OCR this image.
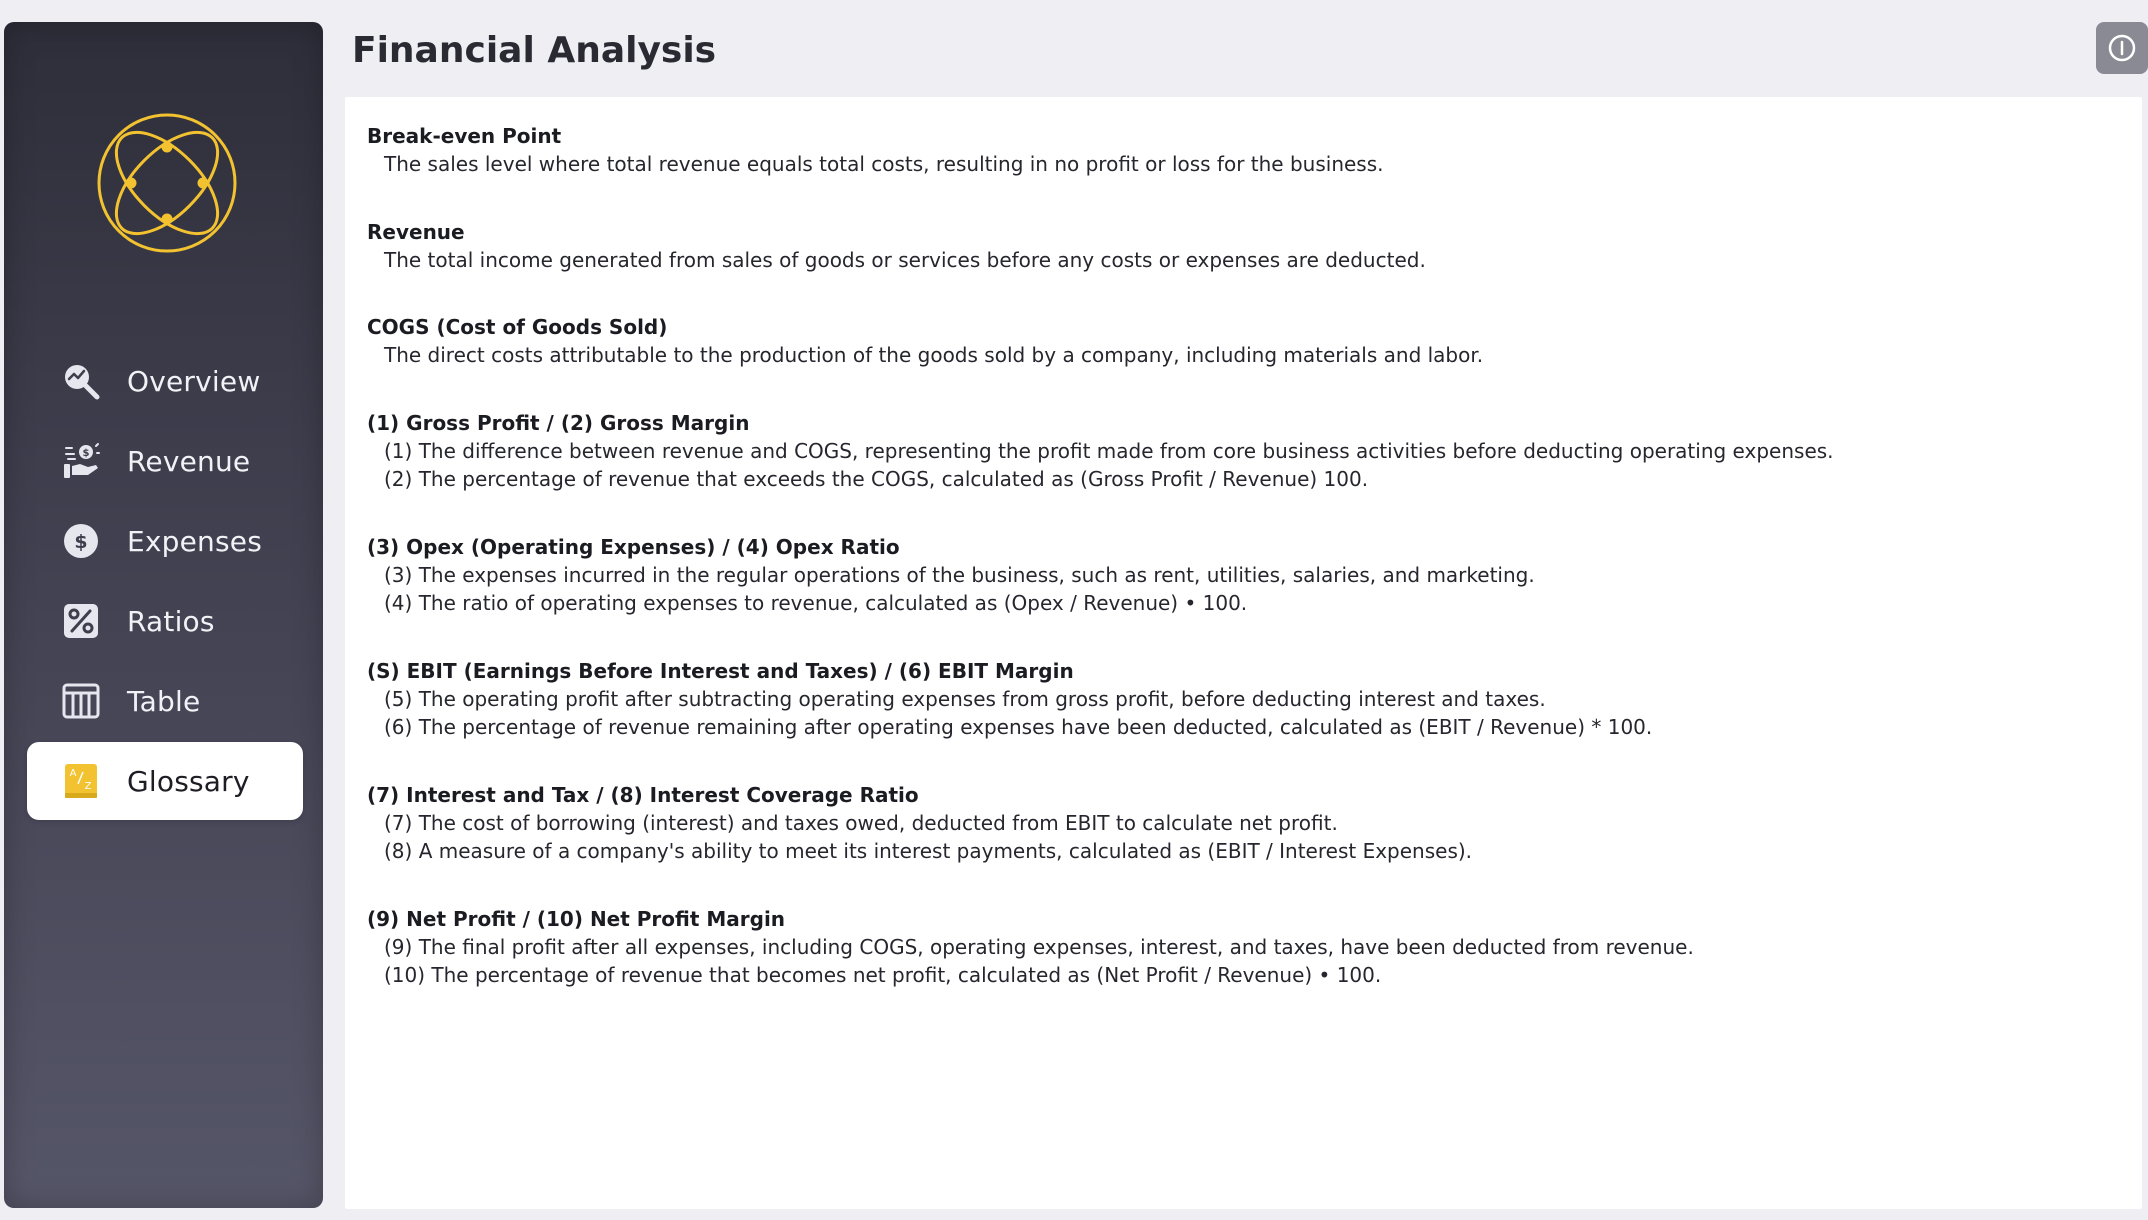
Overview
$ Revenue
$ Expenses
Ratios
Table
A
Z Glossary
Financial Analysis
Break-even Point
The sales level where total revenue equals total costs, resulting in no profit or loss for the business.
Revenue
The total income generated from sales of goods or services before any costs or expenses are deducted.
COGS (Cost of Goods Sold)
The direct costs attributable to the production of the goods sold by a company, including materials and labor.
(1) Gross Profit / (2) Gross Margin
(1) The difference between revenue and COGS, representing the profit made from core business activities before deducting operating expenses.
(2) The percentage of revenue that exceeds the COGS, calculated as (Gross Profit / Revenue) 100.
(3) Opex (Operating Expenses) / (4) Opex Ratio
(3) The expenses incurred in the regular operations of the business, such as rent, utilities, salaries, and marketing.
(4) The ratio of operating expenses to revenue, calculated as (Opex / Revenue) • 100.
(S) EBIT (Earnings Before Interest and Taxes) / (6) EBIT Margin
(5) The operating profit after subtracting operating expenses from gross profit, before deducting interest and taxes.
(6) The percentage of revenue remaining after operating expenses have been deducted, calculated as (EBIT / Revenue) * 100.
(7) Interest and Tax / (8) Interest Coverage Ratio
(7) The cost of borrowing (interest) and taxes owed, deducted from EBIT to calculate net profit.
(8) A measure of a company's ability to meet its interest payments, calculated as (EBIT / Interest Expenses).
(9) Net Profit / (10) Net Profit Margin
(9) The final profit after all expenses, including COGS, operating expenses, interest, and taxes, have been deducted from revenue.
(10) The percentage of revenue that becomes net profit, calculated as (Net Profit / Revenue) • 100.
